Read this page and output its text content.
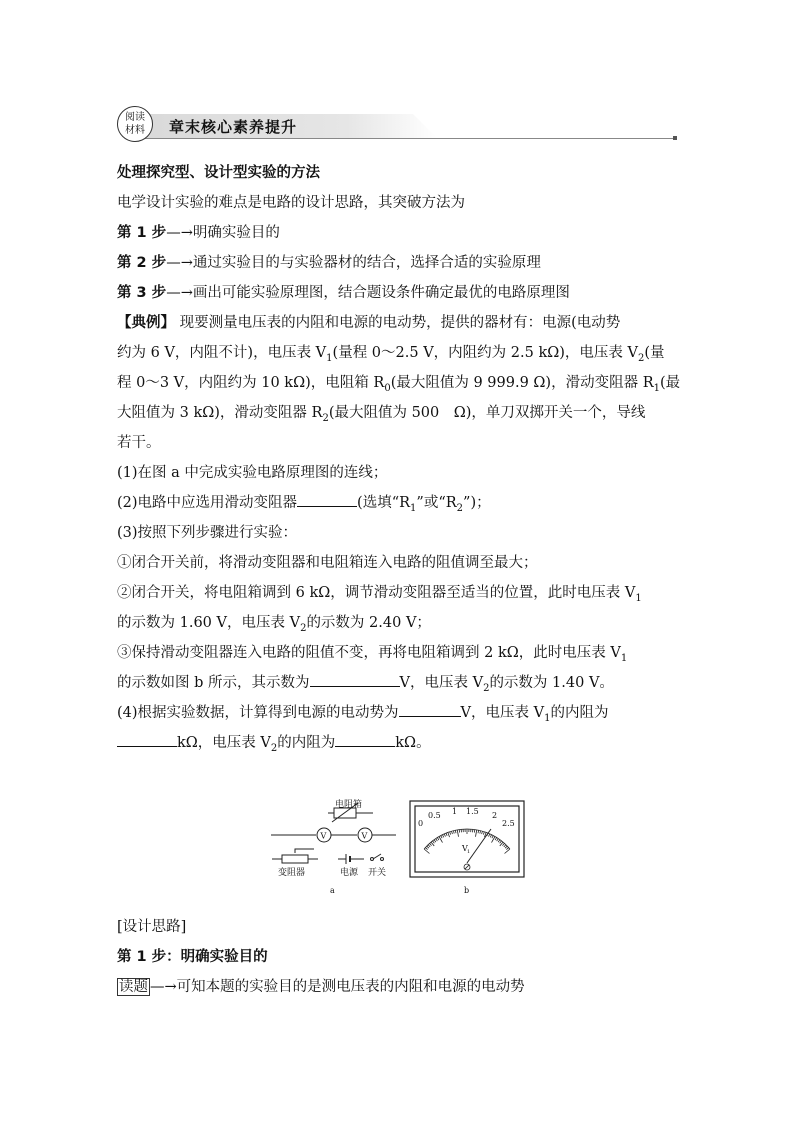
阅读
材料	章末核心素养提升
处理探究型、设计型实验的方法
电学设计实验的难点是电路的设计思路，其突破方法为
第 1 步—→明确实验目的
第 2 步—→通过实验目的与实验器材的结合，选择合适的实验原理
第 3 步—→画出可能实验原理图，结合题设条件确定最优的电路原理图
【典例】 现要测量电压表的内阻和电源的电动势，提供的器材有：电源(电动势
约为 6 V，内阻不计)，电压表 $V_1$(量程 0～2.5 V，内阻约为 2.5 kΩ)，电压表 $V_2$(量
程 0～3 V，内阻约为 10 kΩ)，电阻箱 $R_0$(最大阻值为 9 999.9 Ω)，滑动变阻器 $R_1$(最
大阻值为 3 kΩ)，滑动变阻器 $R_2$(最大阻值为 500　Ω)，单刀双掷开关一个，导线
若干。
(1)在图 a 中完成实验电路原理图的连线；
(2)电路中应选用滑动变阻器	(选填“$R_1$”或“$R_2$”)；
(3)按照下列步骤进行实验：
①闭合开关前，将滑动变阻器和电阻箱连入电路的阻值调至最大；
②闭合开关，将电阻箱调到 6 kΩ，调节滑动变阻器至适当的位置，此时电压表 $V_1$
的示数为 1.60 V，电压表 $V_2$的示数为 2.40 V；
③保持滑动变阻器连入电路的阻值不变，再将电阻箱调到 2 kΩ，此时电压表 $V_1$
的示数如图 b 所示，其示数为	V，电压表 $V_2$的示数为 1.40 V。
(4)根据实验数据，计算得到电源的电动势为	V，电压表 $V_1$的内阻为
kΩ，电压表 $V_2$的内阻为	kΩ。
电阻箱
V	V
变阻器	电源 开关
a
V 1
0
0.5 1 1.5 2
2.5
b
[设计思路]
第 1 步：明确实验目的
读题 —→可知本题的实验目的是测电压表的内阻和电源的电动势
